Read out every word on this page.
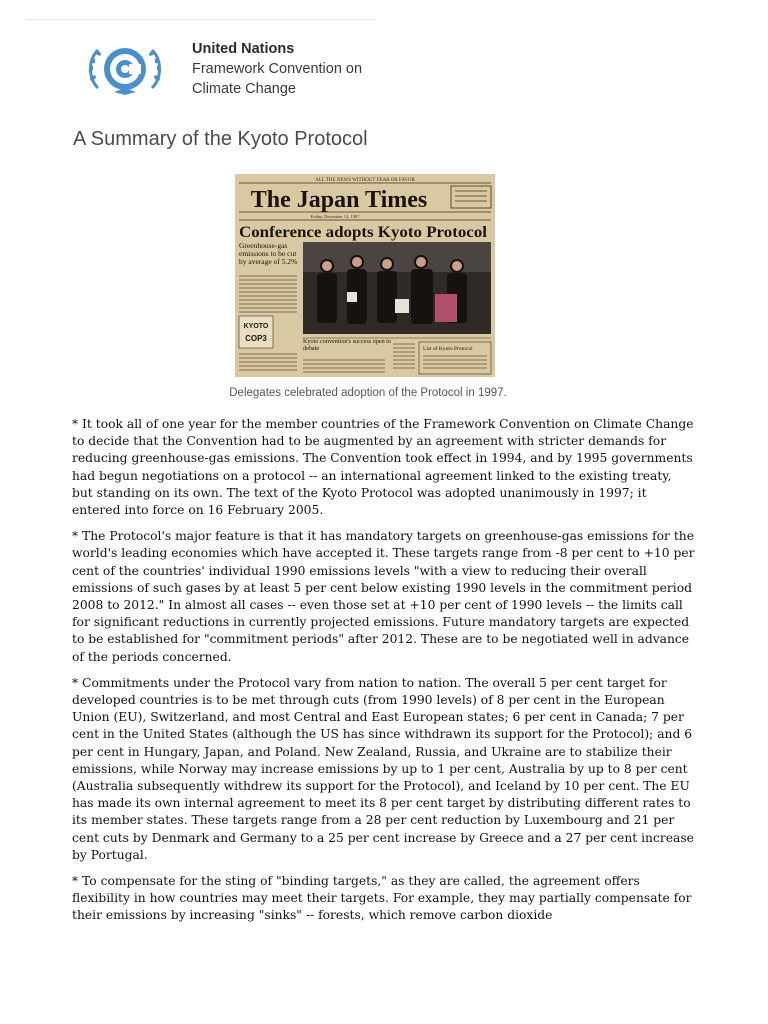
United Nations
Framework Convention on
Climate Change
A Summary of the Kyoto Protocol
ALL THE NEWS WITHOUT FEAR OR FAVOR
The Japan Times
Friday, December 12, 1997
Conference adopts Kyoto Protocol
Greenhouse-gas emissions to be cut by average of 5.2%
KYOTO
COP3	Kyoto convention's success open to debate	List of Kyoto Protocol
Delegates celebrated adoption of the Protocol in 1997.

* It took all of one year for the member countries of the Framework Convention on Climate Change to decide that the Convention had to be augmented by an agreement with stricter demands for reducing greenhouse-gas emissions. The Convention took effect in 1994, and by 1995 governments had begun negotiations on a protocol -- an international agreement linked to the existing treaty, but standing on its own. The text of the Kyoto Protocol was adopted unanimously in 1997; it entered into force on 16 February 2005.

* The Protocol's major feature is that it has mandatory targets on greenhouse-gas emissions for the world's leading economies which have accepted it. These targets range from -8 per cent to +10 per cent of the countries' individual 1990 emissions levels "with a view to reducing their overall emissions of such gases by at least 5 per cent below existing 1990 levels in the commitment period 2008 to 2012." In almost all cases -- even those set at +10 per cent of 1990 levels -- the limits call for significant reductions in currently projected emissions. Future mandatory targets are expected to be established for "commitment periods" after 2012. These are to be negotiated well in advance of the periods concerned.

* Commitments under the Protocol vary from nation to nation. The overall 5 per cent target for developed countries is to be met through cuts (from 1990 levels) of 8 per cent in the European Union (EU), Switzerland, and most Central and East European states; 6 per cent in Canada; 7 per cent in the United States (although the US has since withdrawn its support for the Protocol); and 6 per cent in Hungary, Japan, and Poland. New Zealand, Russia, and Ukraine are to stabilize their emissions, while Norway may increase emissions by up to 1 per cent, Australia by up to 8 per cent (Australia subsequently withdrew its support for the Protocol), and Iceland by 10 per cent. The EU has made its own internal agreement to meet its 8 per cent target by distributing different rates to its member states. These targets range from a 28 per cent reduction by Luxembourg and 21 per cent cuts by Denmark and Germany to a 25 per cent increase by Greece and a 27 per cent increase by Portugal.

* To compensate for the sting of "binding targets," as they are called, the agreement offers flexibility in how countries may meet their targets. For example, they may partially compensate for their emissions by increasing "sinks" -- forests, which remove carbon dioxide
